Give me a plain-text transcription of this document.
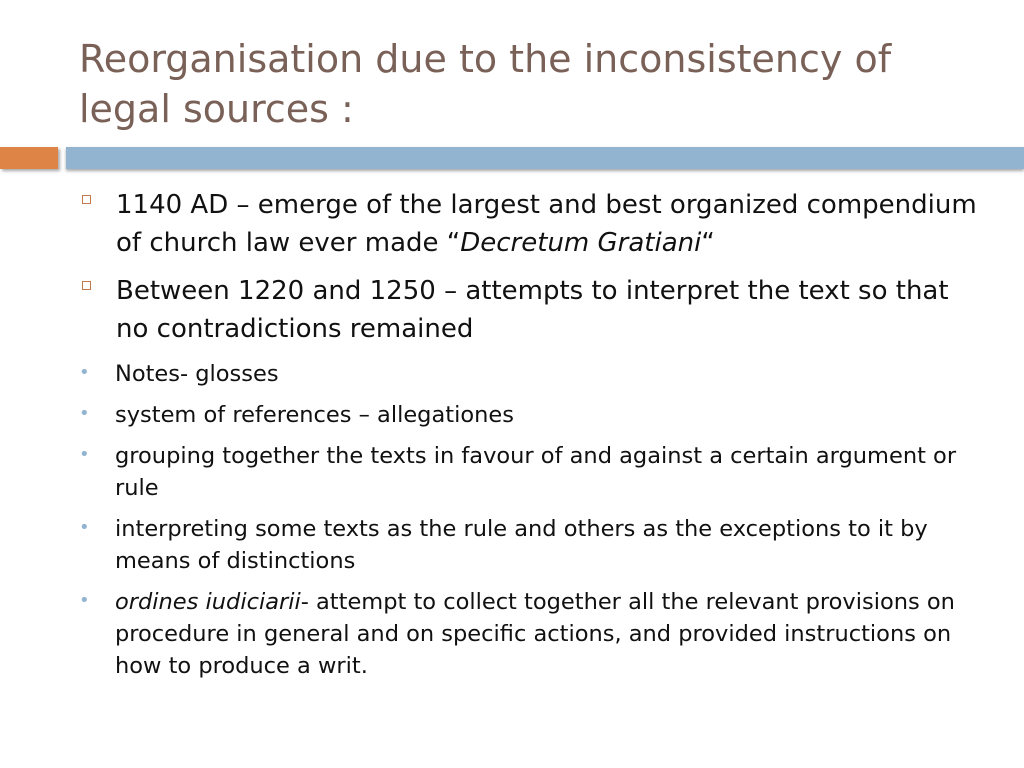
Reorganisation due to the inconsistency of legal sources :
1140 AD – emerge of the largest and best organized compendium of church law ever made “Decretum Gratiani“
Between 1220 and 1250 – attempts to interpret the text so that no contradictions remained
• Notes- glosses
• system of references – allegationes
• grouping together the texts in favour of and against a certain argument or rule
• interpreting some texts as the rule and others as the exceptions to it by means of distinctions
• ordines iudiciarii- attempt to collect together all the relevant provisions on procedure in general and on specific actions, and provided instructions on how to produce a writ.
